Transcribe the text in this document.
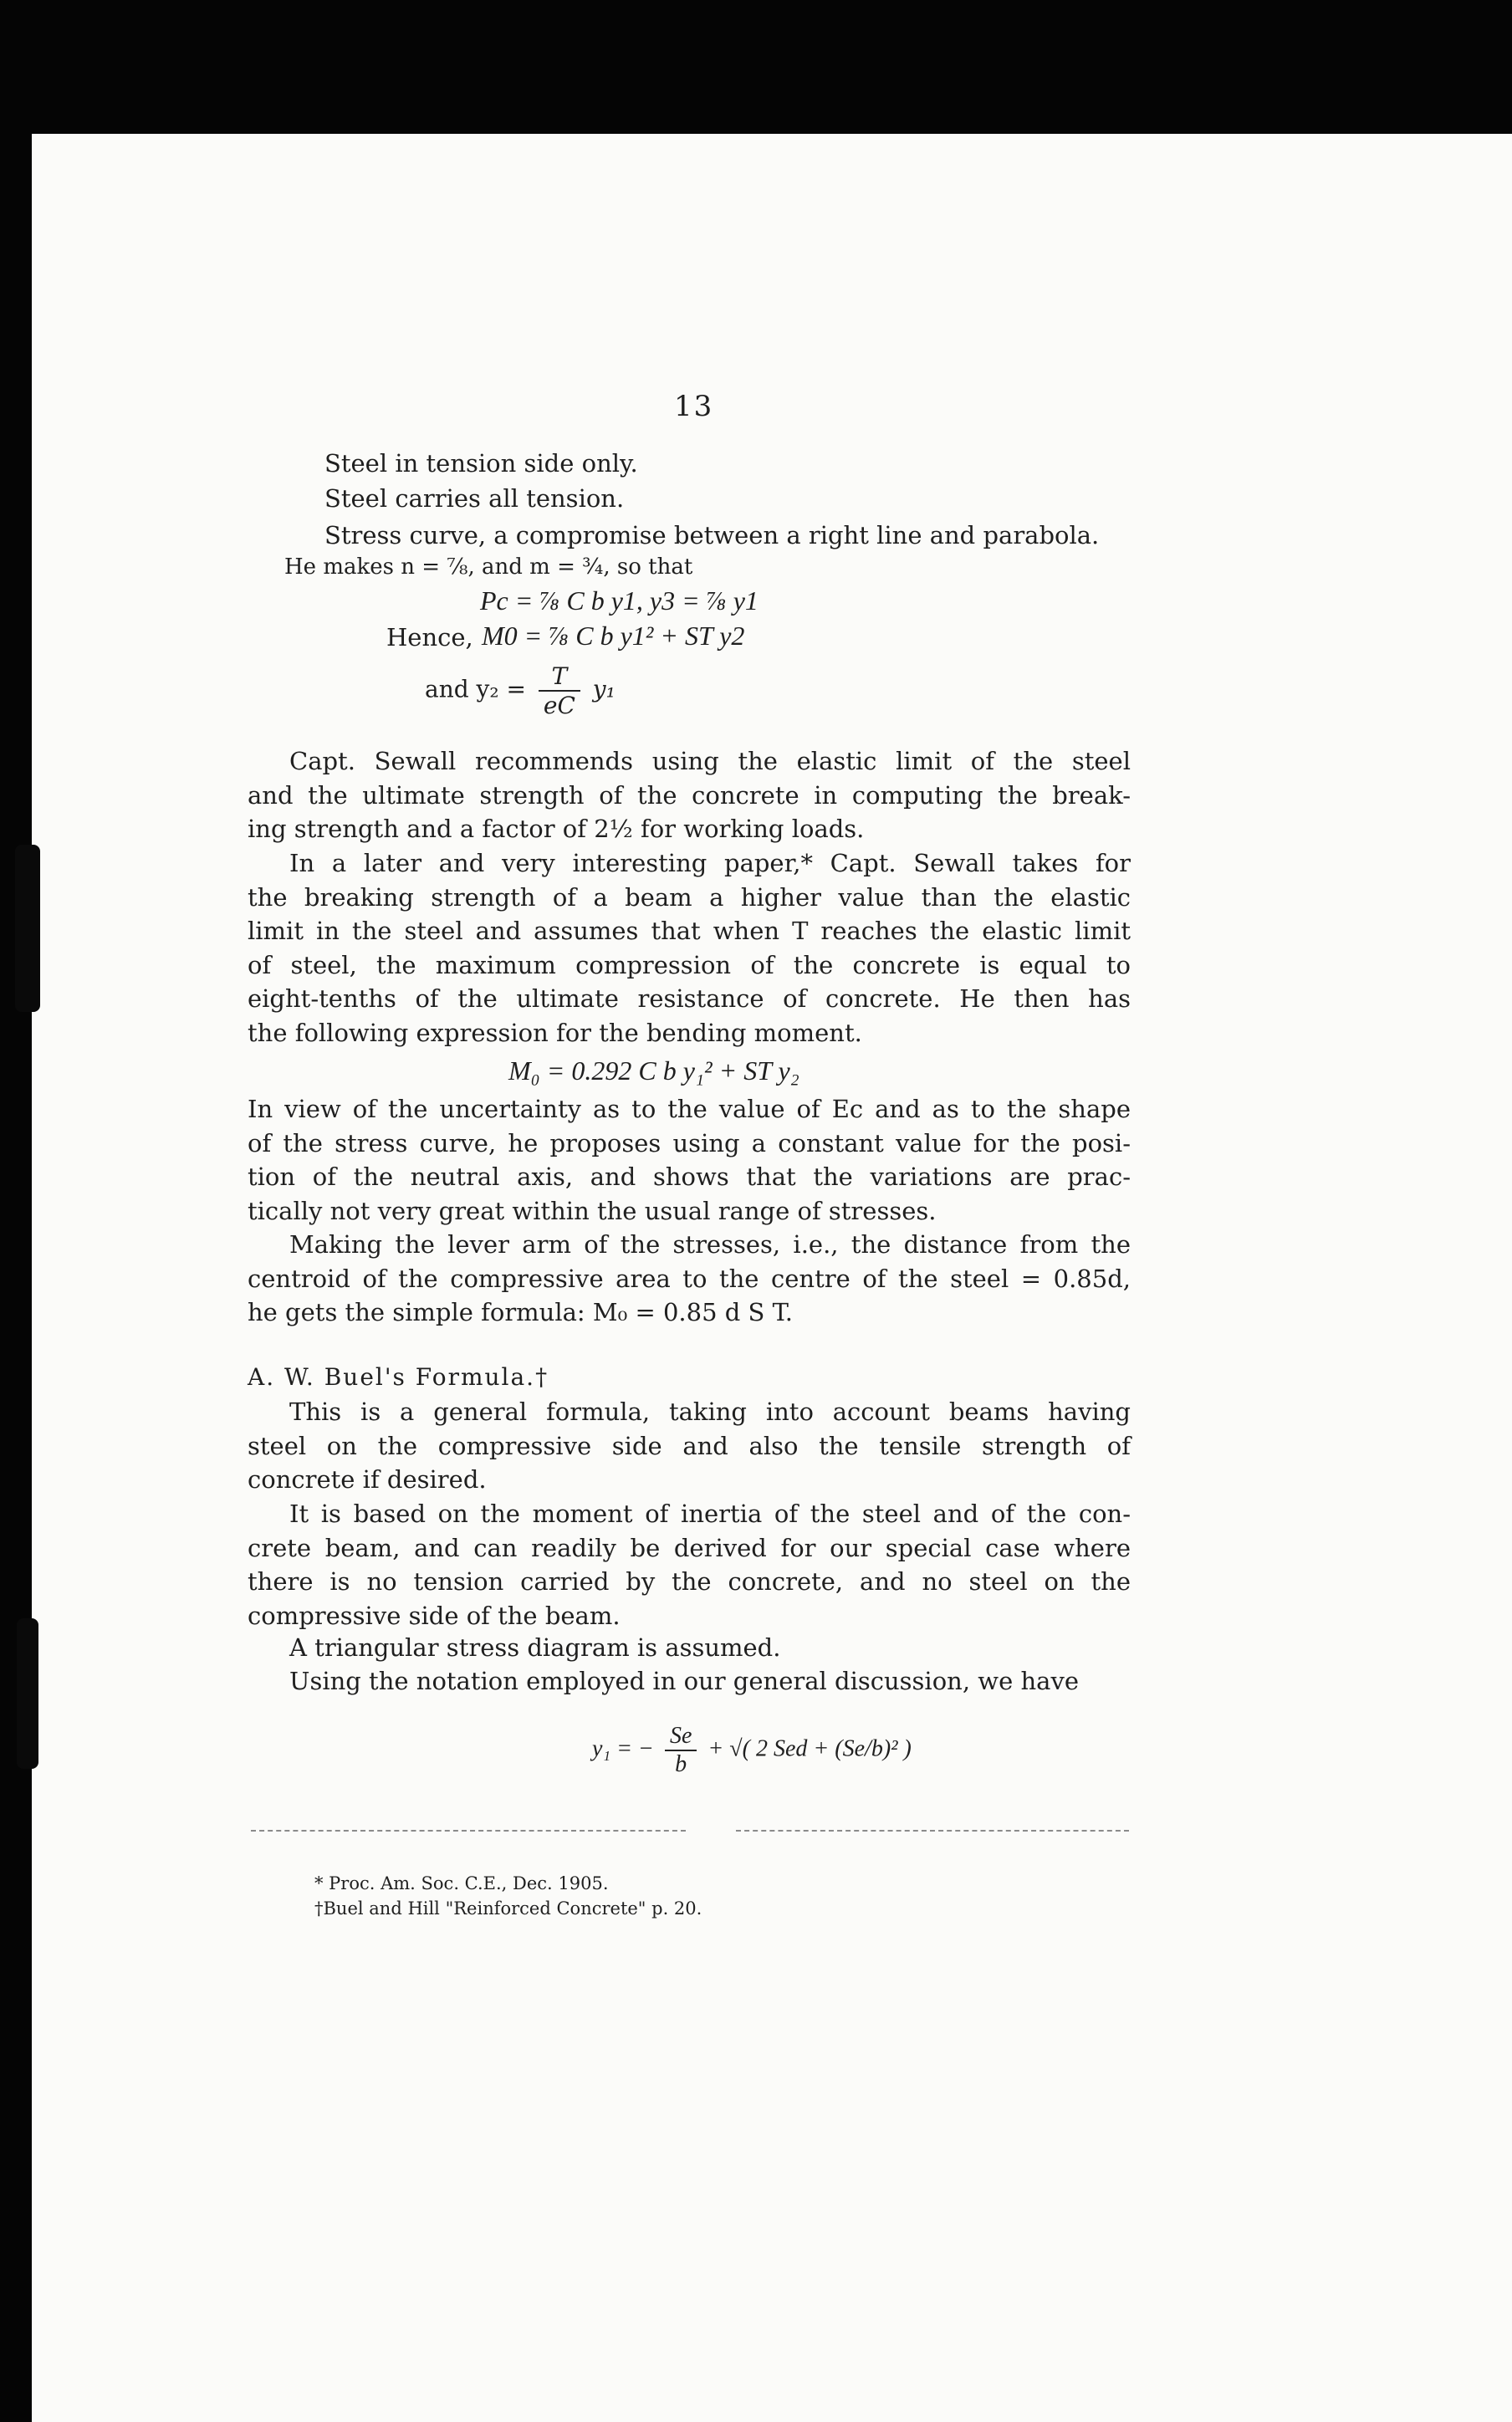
13
Steel in tension side only.
Steel carries all tension.
Stress curve, a compromise between a right line and parabola.
He makes n = ⅞, and m = ¾, so that
Pc = ⅞ C b y1, y3 = ⅞ y1
Hence, M0 = ⅞ C b y1² + ST y2
and $y_2 = \frac{T}{eC} y_1$
Capt. Sewall recommends using the elastic limit of the steel
and the ultimate strength of the concrete in computing the break-
ing strength and a factor of 2½ for working loads.
In a later and very interesting paper,* Capt. Sewall takes for
the breaking strength of a beam a higher value than the elastic
limit in the steel and assumes that when T reaches the elastic limit
of steel, the maximum compression of the concrete is equal to
eight-tenths of the ultimate resistance of concrete. He then has
the following expression for the bending moment.
M₀ = 0.292 C b y₁² + ST y₂
In view of the uncertainty as to the value of Ec and as to the shape
of the stress curve, he proposes using a constant value for the posi-
tion of the neutral axis, and shows that the variations are prac-
tically not very great within the usual range of stresses.
Making the lever arm of the stresses, i.e., the distance from the
centroid of the compressive area to the centre of the steel = 0.85d,
he gets the simple formula: M₀ = 0.85 d S T.
A. W. Buel's Formula.†
This is a general formula, taking into account beams having
steel on the compressive side and also the tensile strength of
concrete if desired.
It is based on the moment of inertia of the steel and of the con-
crete beam, and can readily be derived for our special case where
there is no tension carried by the concrete, and no steel on the
compressive side of the beam.
A triangular stress diagram is assumed.
Using the notation employed in our general discussion, we have
y₁ = − $\frac{Se}{b}$ + √( 2 Sed + (Se/b)² )
* Proc. Am. Soc. C.E., Dec. 1905.
†Buel and Hill "Reinforced Concrete" p. 20.
